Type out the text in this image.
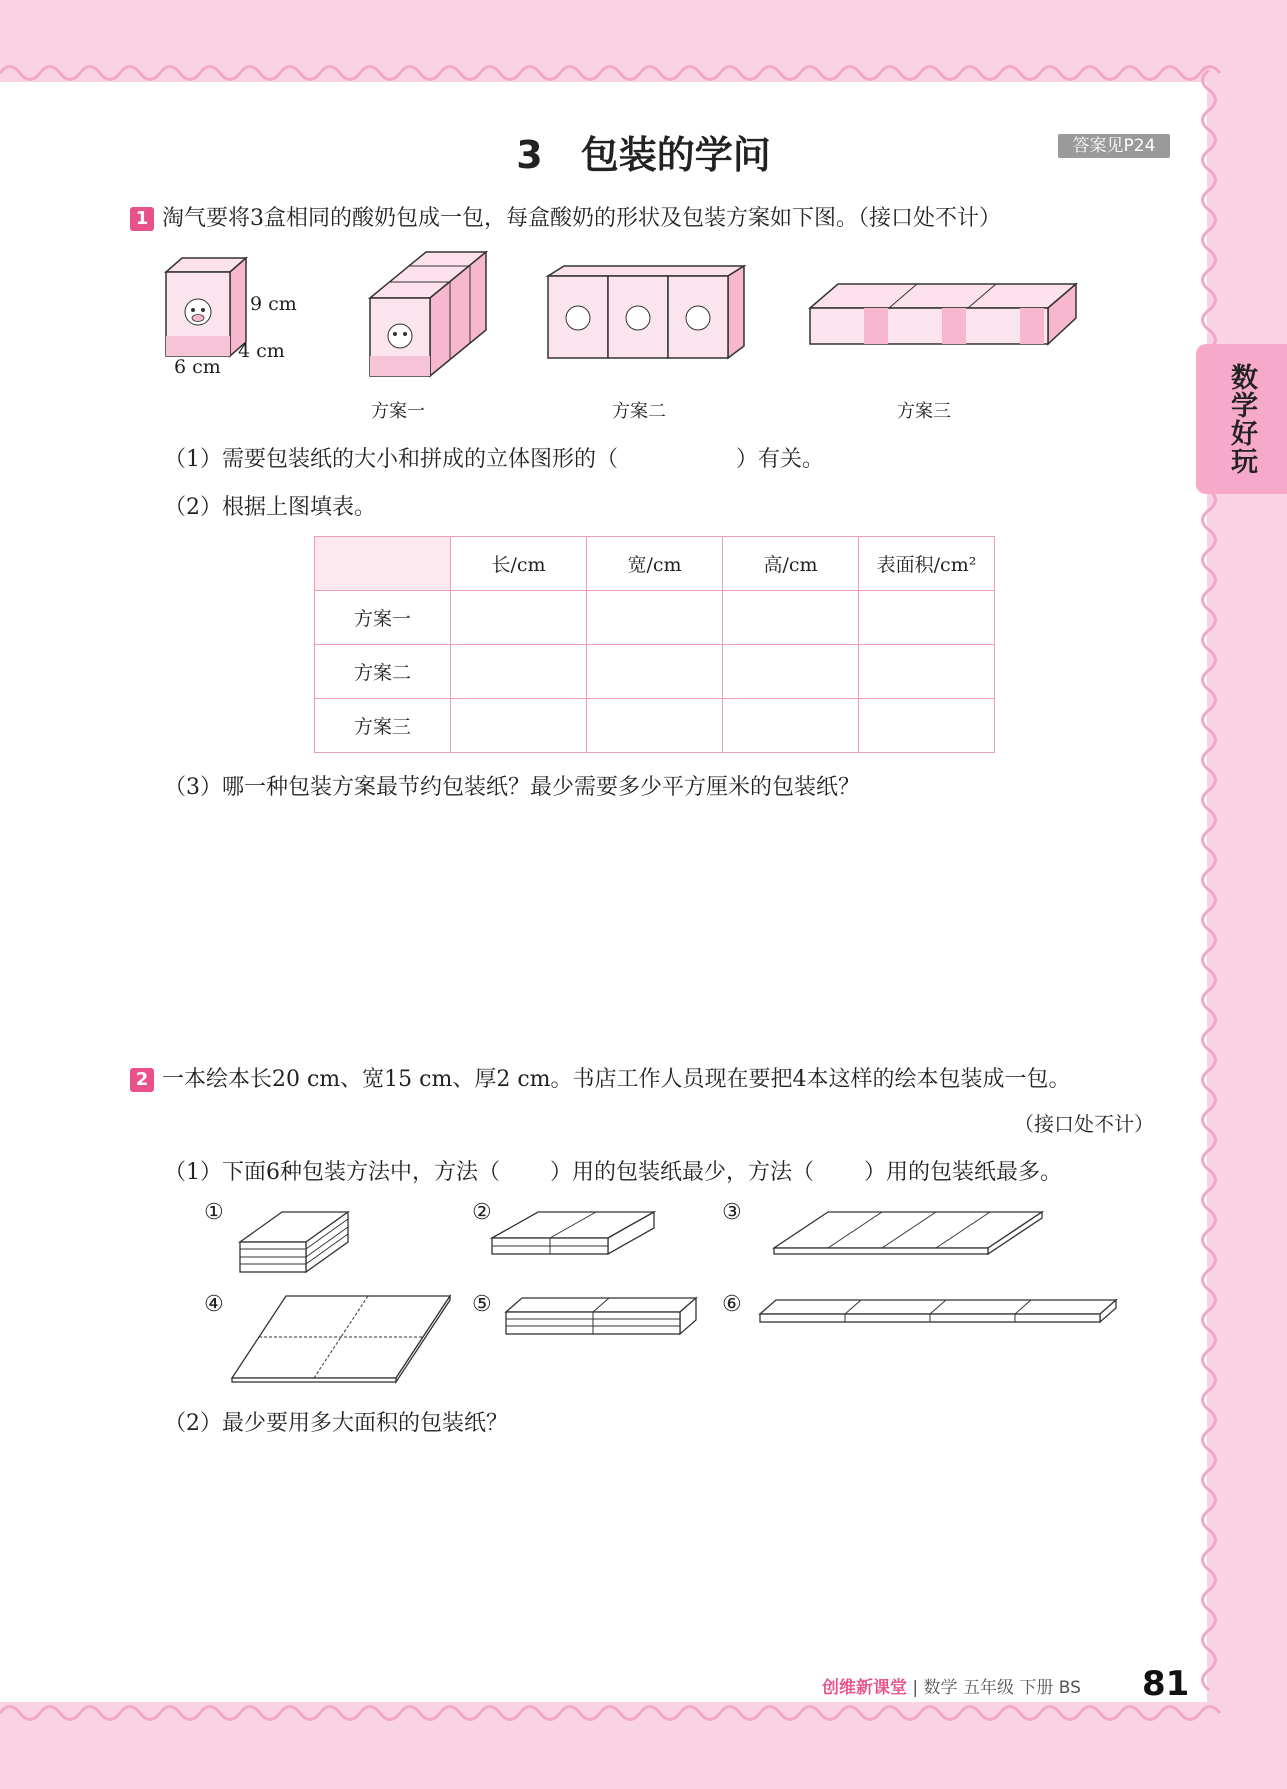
数学好玩
3　包装的学问	答案见P24
1 淘气要将3盒相同的酸奶包成一包，每盒酸奶的形状及包装方案如下图。（接口处不计）
9 cm
4 cm
6 cm
方案一	方案二	方案三
（1）需要包装纸的大小和拼成的立体图形的（	）有关。
（2）根据上图填表。
	长/cm	宽/cm	高/cm	表面积/cm²
方案一				
方案二				
方案三				
（3）哪一种包装方案最节约包装纸？最少需要多少平方厘米的包装纸？
2 一本绘本长20 cm、宽15 cm、厚2 cm。书店工作人员现在要把4本这样的绘本包装成一包。
（接口处不计）
（1）下面6种包装方法中，方法（ ）用的包装纸最少，方法（ ）用的包装纸最多。
①	②	③
④	⑤	⑥
（2）最少要用多大面积的包装纸？
创维新课堂 | 数学 五年级 下册 BS 81
